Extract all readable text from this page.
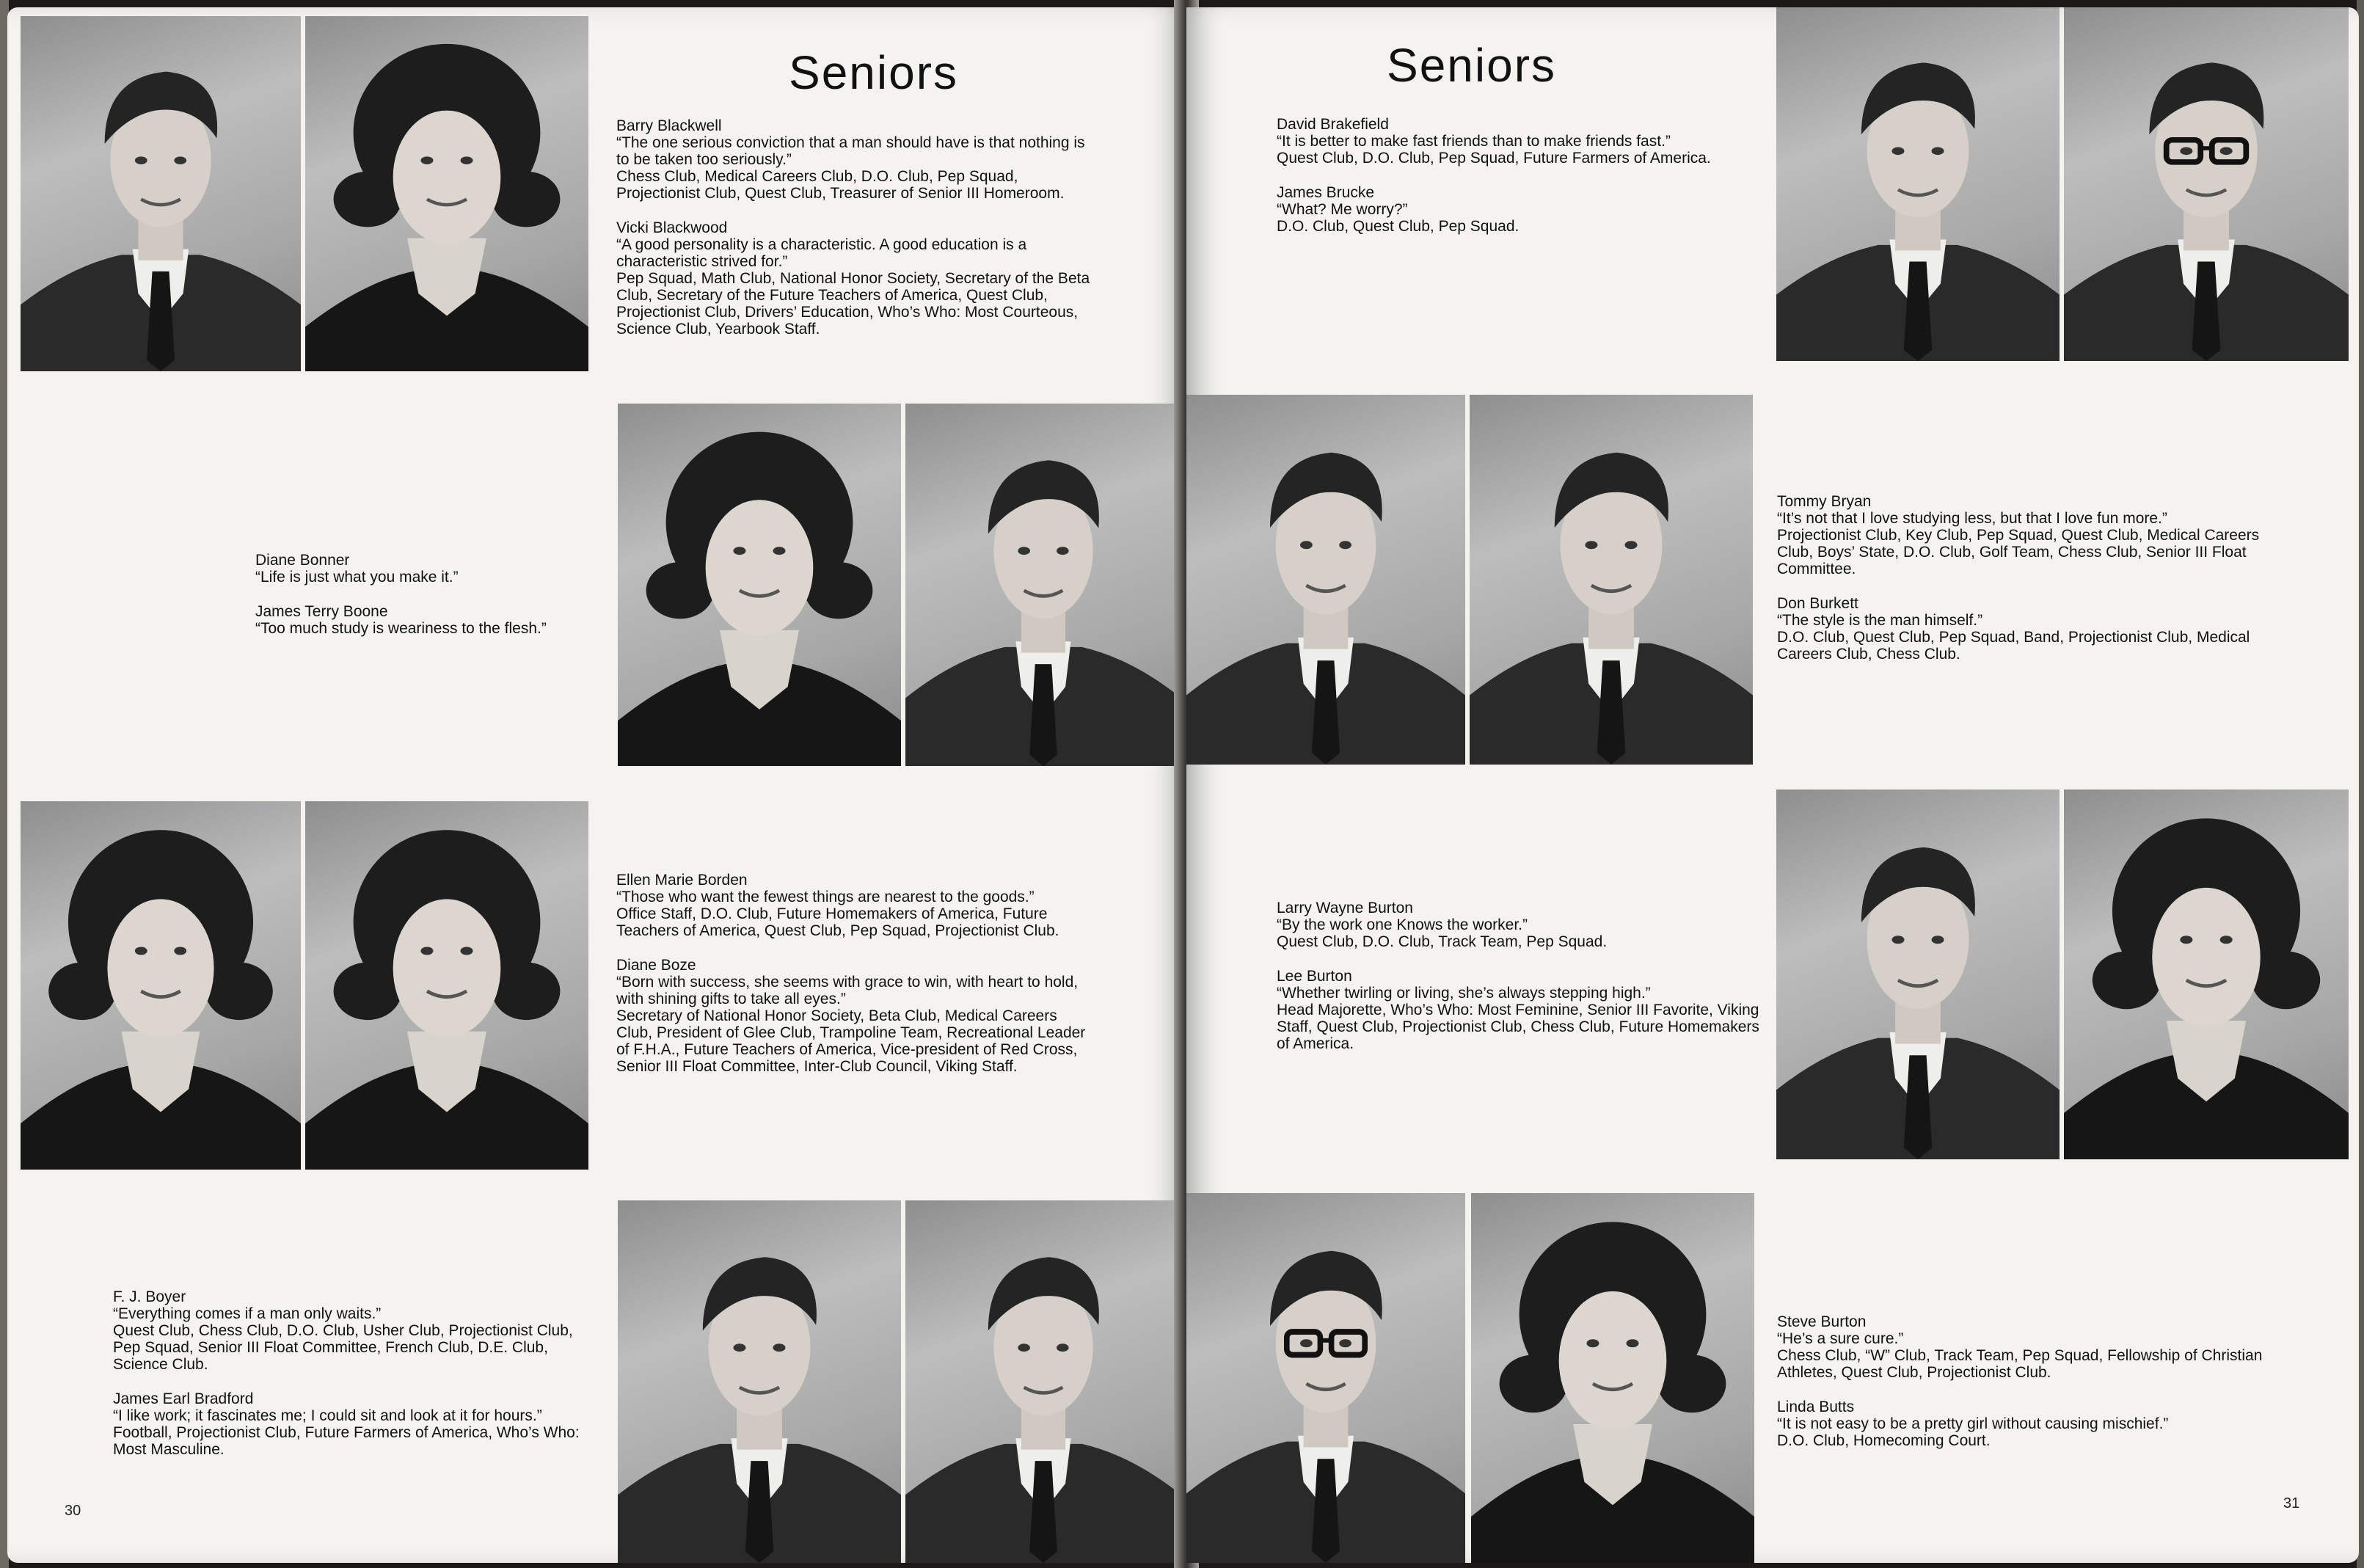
Seniors

Barry Blackwell

“The one serious conviction that a man should have is that nothing is to be taken too seriously.”

Chess Club, Medical Careers Club, D.O. Club, Pep Squad, Projectionist Club, Quest Club, Treasurer of Senior III Homeroom.

Vicki Blackwood

“A good personality is a characteristic. A good education is a characteristic strived for.”

Pep Squad, Math Club, National Honor Society, Secretary of the Beta Club, Secretary of the Future Teachers of America, Quest Club, Projectionist Club, Drivers’ Education, Who’s Who: Most Courteous, Science Club, Yearbook Staff.

Diane Bonner

“Life is just what you make it.”

James Terry Boone

“Too much study is weariness to the flesh.”

Ellen Marie Borden

“Those who want the fewest things are nearest to the goods.”

Office Staff, D.O. Club, Future Homemakers of America, Future Teachers of America, Quest Club, Pep Squad, Projectionist Club.

Diane Boze

“Born with success, she seems with grace to win, with heart to hold, with shining gifts to take all eyes.”

Secretary of National Honor Society, Beta Club, Medical Careers Club, President of Glee Club, Trampoline Team, Recreational Leader of F.H.A., Future Teachers of America, Vice-president of Red Cross, Senior III Float Committee, Inter-Club Council, Viking Staff.

F. J. Boyer

“Everything comes if a man only waits.”

Quest Club, Chess Club, D.O. Club, Usher Club, Projectionist Club, Pep Squad, Senior III Float Committee, French Club, D.E. Club, Science Club.

James Earl Bradford

“I like work; it fascinates me; I could sit and look at it for hours.”

Football, Projectionist Club, Future Farmers of America, Who’s Who: Most Masculine.

30
Seniors

David Brakefield

“It is better to make fast friends than to make friends fast.”

Quest Club, D.O. Club, Pep Squad, Future Farmers of America.

James Brucke

“What? Me worry?”

D.O. Club, Quest Club, Pep Squad.

Tommy Bryan

“It’s not that I love studying less, but that I love fun more.”

Projectionist Club, Key Club, Pep Squad, Quest Club, Medical Careers Club, Boys’ State, D.O. Club, Golf Team, Chess Club, Senior III Float Committee.

Don Burkett

“The style is the man himself.”

D.O. Club, Quest Club, Pep Squad, Band, Projectionist Club, Medical Careers Club, Chess Club.

Larry Wayne Burton

“By the work one Knows the worker.”

Quest Club, D.O. Club, Track Team, Pep Squad.

Lee Burton

“Whether twirling or living, she’s always stepping high.”

Head Majorette, Who’s Who: Most Feminine, Senior III Favorite, Viking Staff, Quest Club, Projectionist Club, Chess Club, Future Homemakers of America.

Steve Burton

“He’s a sure cure.”

Chess Club, “W” Club, Track Team, Pep Squad, Fellowship of Christian Athletes, Quest Club, Projectionist Club.

Linda Butts

“It is not easy to be a pretty girl without causing mischief.”

D.O. Club, Homecoming Court.

31
